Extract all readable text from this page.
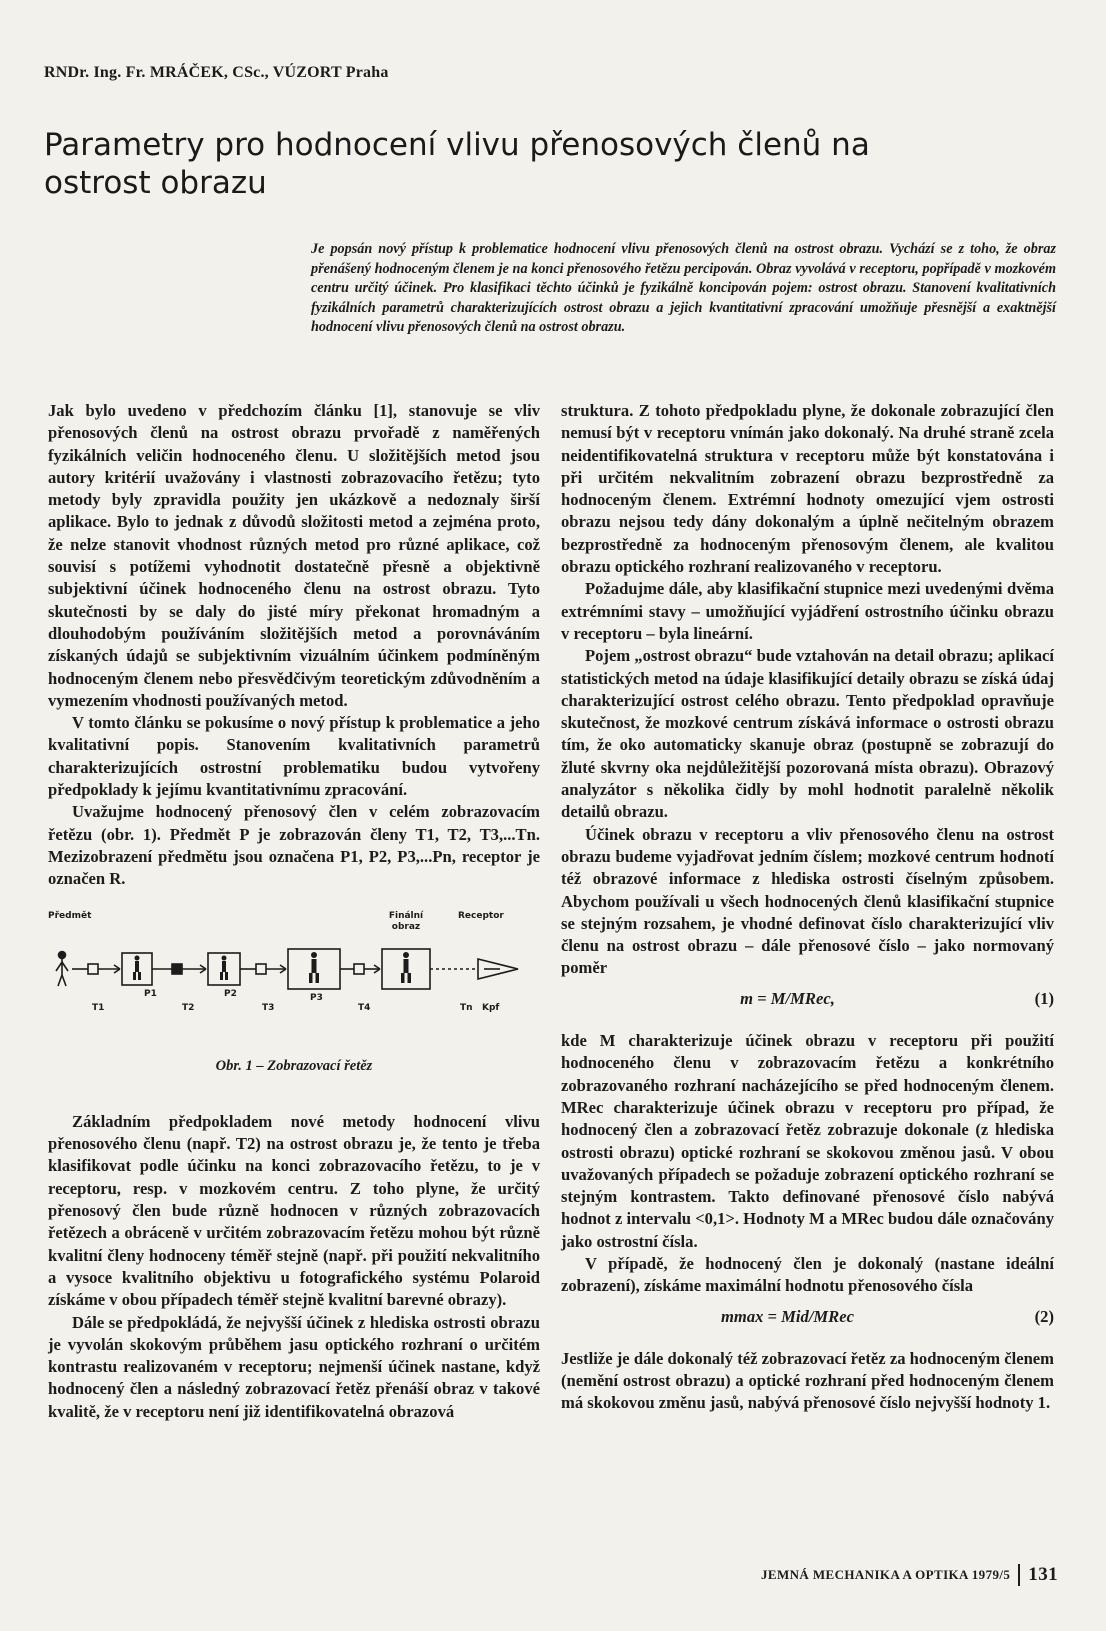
RNDr. Ing. Fr. MRÁČEK, CSc., VÚZORT Praha
Parametry pro hodnocení vlivu přenosových členů na ostrost obrazu

Je popsán nový přístup k problematice hodnocení vlivu přenosových členů na ostrost obrazu. Vychází se z toho, že obraz přenášený hodnoceným členem je na konci přenosového řetězu percipován. Obraz vyvolává v receptoru, popřípadě v mozkovém centru určitý účinek. Pro klasifikaci těchto účinků je fyzikálně koncipován pojem: ostrost obrazu. Stanovení kvalitativních fyzikálních parametrů charakterizujících ostrost obrazu a jejich kvantitativní zpracování umožňuje přesnější a exaktnější hodnocení vlivu přenosových členů na ostrost obrazu.

Jak bylo uvedeno v předchozím článku [1], stanovuje se vliv přenosových členů na ostrost obrazu prvořadě z naměřených fyzikálních veličin hodnoceného členu. U složitějších metod jsou autory kritérií uvažovány i vlastnosti zobrazovacího řetězu; tyto metody byly zpravidla použity jen ukázkově a nedoznaly širší aplikace. Bylo to jednak z důvodů složitosti metod a zejména proto, že nelze stanovit vhodnost různých metod pro různé aplikace, což souvisí s potížemi vyhodnotit dostatečně přesně a objektivně subjektivní účinek hodnoceného členu na ostrost obrazu. Tyto skutečnosti by se daly do jisté míry překonat hromadným a dlouhodobým používáním složitějších metod a porovnáváním získaných údajů se subjektivním vizuálním účinkem podmíněným hodnoceným členem nebo přesvědčivým teoretickým zdůvodněním a vymezením vhodnosti používaných metod.

V tomto článku se pokusíme o nový přístup k problematice a jeho kvalitativní popis. Stanovením kvalitativních parametrů charakterizujících ostrostní problematiku budou vytvořeny předpoklady k jejímu kvantitativnímu zpracování.

Uvažujme hodnocený přenosový člen v celém zobrazovacím řetězu (obr. 1). Předmět P je zobrazován členy T1, T2, T3,...Tn. Mezizobrazení předmětu jsou označena P1, P2, P3,...Pn, receptor je označen R.

Předmět	Finální obraz
Receptor
T1
P1
T2
P2
T3
P3
T4	Tn Kpf
Obr. 1 – Zobrazovací řetěz

Základním předpokladem nové metody hodnocení vlivu přenosového členu (např. T2) na ostrost obrazu je, že tento je třeba klasifikovat podle účinku na konci zobrazovacího řetězu, to je v receptoru, resp. v mozkovém centru. Z toho plyne, že určitý přenosový člen bude různě hodnocen v různých zobrazovacích řetězech a obráceně v určitém zobrazovacím řetězu mohou být různě kvalitní členy hodnoceny téměř stejně (např. při použití nekvalitního a vysoce kvalitního objektivu u fotografického systému Polaroid získáme v obou případech téměř stejně kvalitní barevné obrazy).

Dále se předpokládá, že nejvyšší účinek z hlediska ostrosti obrazu je vyvolán skokovým průběhem jasu optického rozhraní o určitém kontrastu realizovaném v receptoru; nejmenší účinek nastane, když hodnocený člen a následný zobrazovací řetěz přenáší obraz v takové kvalitě, že v receptoru není již identifikovatelná obrazová

struktura. Z tohoto předpokladu plyne, že dokonale zobrazující člen nemusí být v receptoru vnímán jako dokonalý. Na druhé straně zcela neidentifikovatelná struktura v receptoru může být konstatována i při určitém nekvalitním zobrazení obrazu bezprostředně za hodnoceným členem. Extrémní hodnoty omezující vjem ostrosti obrazu nejsou tedy dány dokonalým a úplně nečitelným obrazem bezprostředně za hodnoceným přenosovým členem, ale kvalitou obrazu optického rozhraní realizovaného v receptoru.

Požadujme dále, aby klasifikační stupnice mezi uvedenými dvěma extrémními stavy – umožňující vyjádření ostrostního účinku obrazu v receptoru – byla lineární.

Pojem „ostrost obrazu“ bude vztahován na detail obrazu; aplikací statistických metod na údaje klasifikující detaily obrazu se získá údaj charakterizující ostrost celého obrazu. Tento předpoklad opravňuje skutečnost, že mozkové centrum získává informace o ostrosti obrazu tím, že oko automaticky skanuje obraz (postupně se zobrazují do žluté skvrny oka nejdůležitější pozorovaná místa obrazu). Obrazový analyzátor s několika čidly by mohl hodnotit paralelně několik detailů obrazu.

Účinek obrazu v receptoru a vliv přenosového členu na ostrost obrazu budeme vyjadřovat jedním číslem; mozkové centrum hodnotí též obrazové informace z hlediska ostrosti číselným způsobem. Abychom používali u všech hodnocených členů klasifikační stupnice se stejným rozsahem, je vhodné definovat číslo charakterizující vliv členu na ostrost obrazu – dále přenosové číslo – jako normovaný poměr

m = M/MRec,	(1)

kde M charakterizuje účinek obrazu v receptoru při použití hodnoceného členu v zobrazovacím řetězu a konkrétního zobrazovaného rozhraní nacházejícího se před hodnoceným členem. MRec charakterizuje účinek obrazu v receptoru pro případ, že hodnocený člen a zobrazovací řetěz zobrazuje dokonale (z hlediska ostrosti obrazu) optické rozhraní se skokovou změnou jasů. V obou uvažovaných případech se požaduje zobrazení optického rozhraní se stejným kontrastem. Takto definované přenosové číslo nabývá hodnot z intervalu <0,1>. Hodnoty M a MRec budou dále označovány jako ostrostní čísla.

V případě, že hodnocený člen je dokonalý (nastane ideální zobrazení), získáme maximální hodnotu přenosového čísla

mmax = Mid/MRec	(2)

Jestliže je dále dokonalý též zobrazovací řetěz za hodnoceným členem (nemění ostrost obrazu) a optické rozhraní před hodnoceným členem má skokovou změnu jasů, nabývá přenosové číslo nejvyšší hodnoty 1.

JEMNÁ MECHANIKA A OPTIKA 1979/5 131
